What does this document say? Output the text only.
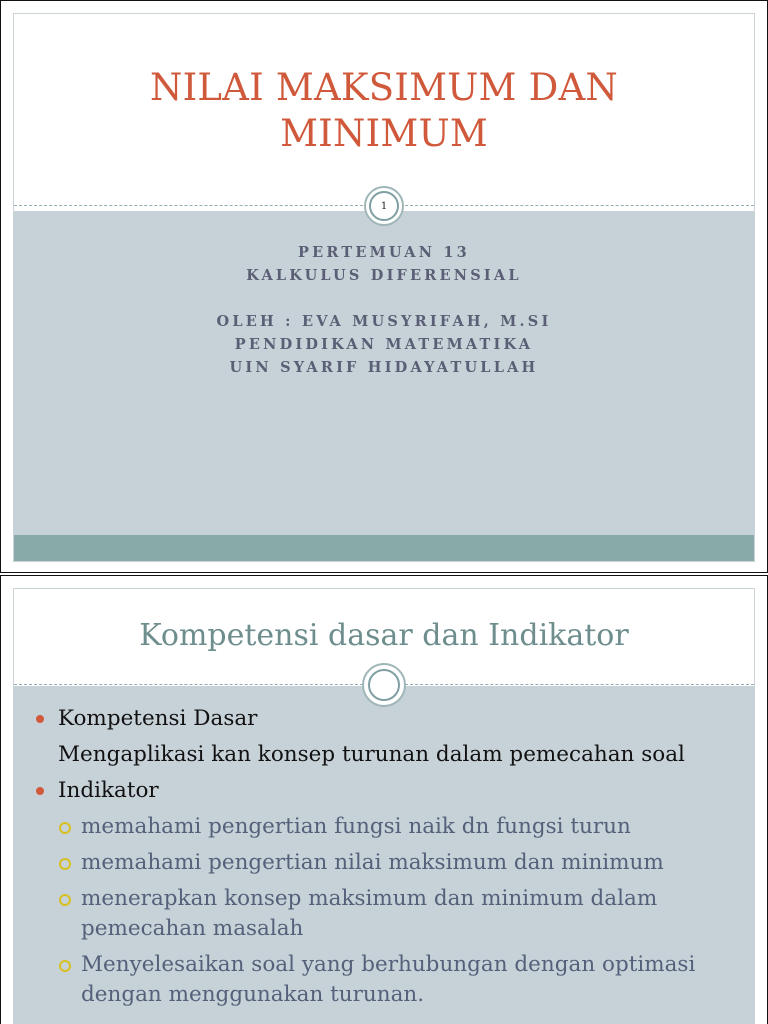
NILAI MAKSIMUM DAN
MINIMUM
PERTEMUAN 13
KALKULUS DIFERENSIAL
OLEH : EVA MUSYRIFAH, M.SI
PENDIDIKAN MATEMATIKA
UIN SYARIF HIDAYATULLAH
1
Kompetensi dasar dan Indikator
Kompetensi Dasar
Mengaplikasi kan konsep turunan dalam pemecahan soal
Indikator
memahami pengertian fungsi naik dn fungsi turun
memahami pengertian nilai maksimum dan minimum
menerapkan konsep maksimum dan minimum dalam pemecahan masalah
Menyelesaikan soal yang berhubungan dengan optimasi dengan menggunakan turunan.
